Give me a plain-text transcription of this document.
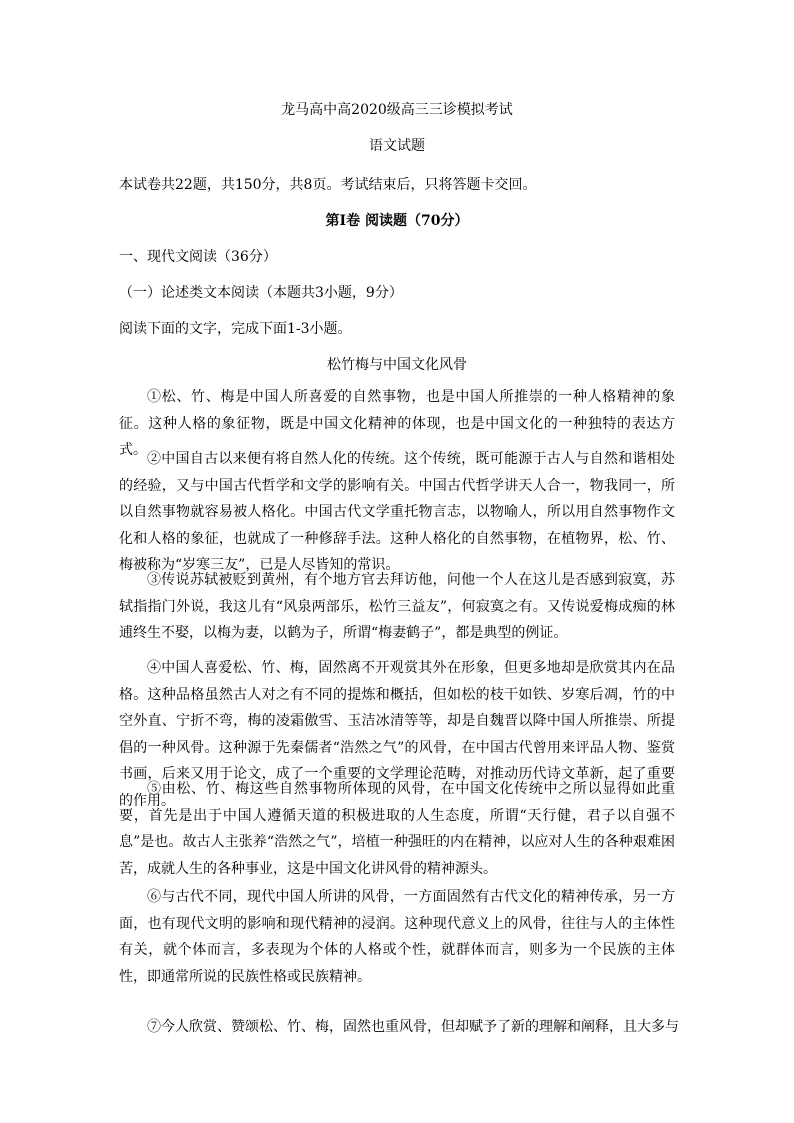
龙马高中高2020级高三三诊模拟考试

语文试题

本试卷共22题，共150分，共8页。考试结束后，只将答题卡交回。

第Ⅰ卷 阅读题（70分）

一、现代文阅读（36分）

（一）论述类文本阅读（本题共3小题，9分）

阅读下面的文字，完成下面1-3小题。

松竹梅与中国文化风骨

①松、竹、梅是中国人所喜爱的自然事物，也是中国人所推崇的一种人格精神的象征。这种人格的象征物，既是中国文化精神的体现，也是中国文化的一种独特的表达方式。

②中国自古以来便有将自然人化的传统。这个传统，既可能源于古人与自然和谐相处的经验，又与中国古代哲学和文学的影响有关。中国古代哲学讲天人合一，物我同一，所以自然事物就容易被人格化。中国古代文学重托物言志，以物喻人，所以用自然事物作文化和人格的象征，也就成了一种修辞手法。这种人格化的自然事物，在植物界，松、竹、梅被称为“岁寒三友”，已是人尽皆知的常识。

③传说苏轼被贬到黄州，有个地方官去拜访他，问他一个人在这儿是否感到寂寞，苏轼指指门外说，我这儿有“风泉两部乐，松竹三益友”，何寂寞之有。又传说爱梅成痴的林逋终生不娶，以梅为妻，以鹤为子，所谓“梅妻鹤子”，都是典型的例证。

④中国人喜爱松、竹、梅，固然离不开观赏其外在形象，但更多地却是欣赏其内在品格。这种品格虽然古人对之有不同的提炼和概括，但如松的枝干如铁、岁寒后凋，竹的中空外直、宁折不弯，梅的凌霜傲雪、玉洁冰清等等，却是自魏晋以降中国人所推崇、所提倡的一种风骨。这种源于先秦儒者“浩然之气”的风骨，在中国古代曾用来评品人物、鉴赏书画，后来又用于论文，成了一个重要的文学理论范畴，对推动历代诗文革新，起了重要的作用。

⑤由松、竹、梅这些自然事物所体现的风骨，在中国文化传统中之所以显得如此重要，首先是出于中国人遵循天道的积极进取的人生态度，所谓“天行健，君子以自强不息”是也。故古人主张养“浩然之气”，培植一种强旺的内在精神，以应对人生的各种艰难困苦，成就人生的各种事业，这是中国文化讲风骨的精神源头。

⑥与古代不同，现代中国人所讲的风骨，一方面固然有古代文化的精神传承，另一方面，也有现代文明的影响和现代精神的浸润。这种现代意义上的风骨，往往与人的主体性有关，就个体而言，多表现为个体的人格或个性，就群体而言，则多为一个民族的主体性，即通常所说的民族性格或民族精神。

⑦今人欣赏、赞颂松、竹、梅，固然也重风骨，但却赋予了新的理解和阐释，且大多与
